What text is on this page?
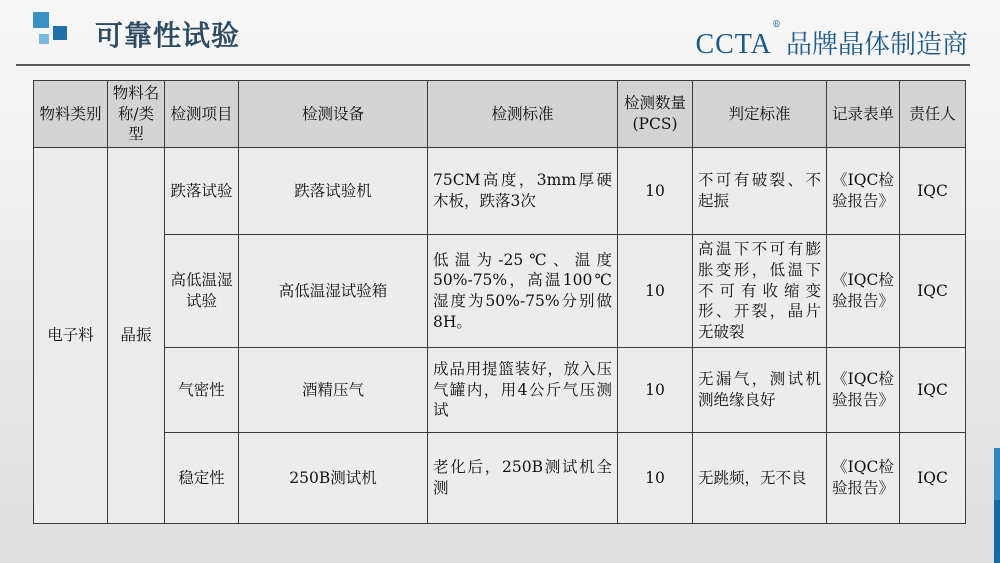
可靠性试验	CCTA® 品牌晶体制造商
物料类别	物料名称/类型	检测项目	检测设备	检测标准	检测数量(PCS)	判定标准	记录表单	责任人
电子料	晶振	跌落试验	跌落试验机	75CM高度，3mm厚硬木板，跌落3次	10	不可有破裂、不起振	《IQC检验报告》	IQC
		高低温湿试验	高低温湿试验箱	低温为-25℃、温度50%-75%，高温100℃湿度为50%-75%分别做8H。	10	高温下不可有膨胀变形，低温下不可有收缩变形、开裂，晶片无破裂	《IQC检验报告》	IQC
		气密性	酒精压气	成品用提篮装好，放入压气罐内，用4公斤气压测试	10	无漏气，测试机测绝缘良好	《IQC检验报告》	IQC
		稳定性	250B测试机	老化后，250B测试机全测	10	无跳频，无不良	《IQC检验报告》	IQC
